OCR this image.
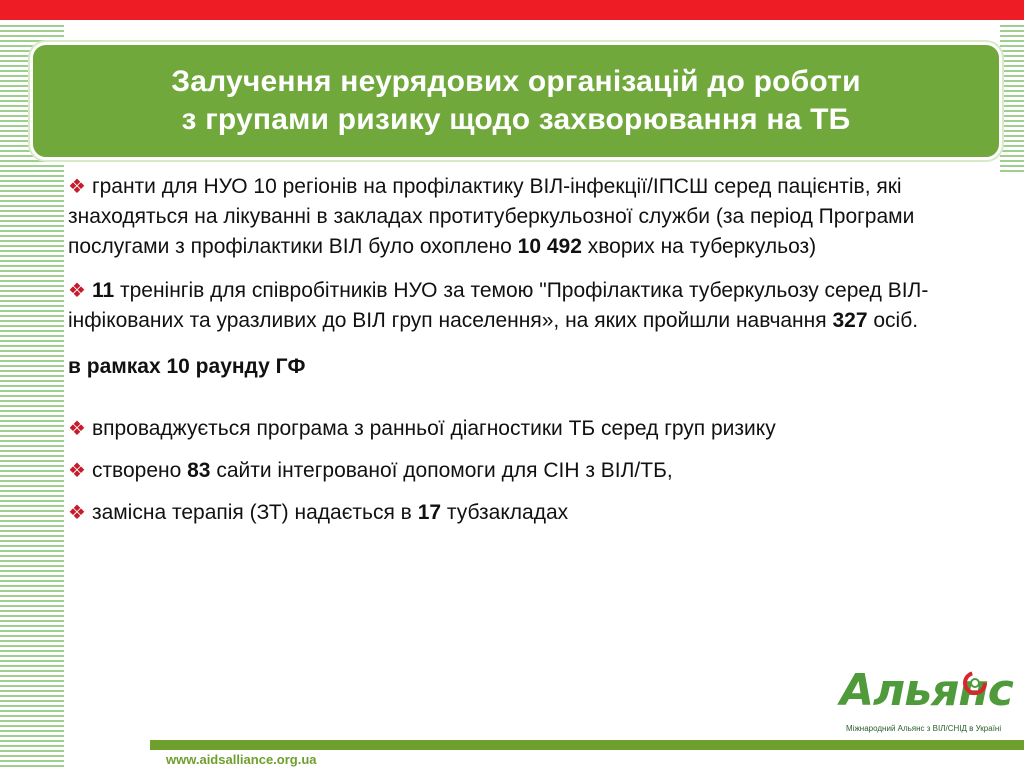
Залучення неурядових організацій до роботи
з групами ризику щодо захворювання на ТБ

❖ гранти для НУО 10 регіонів на профілактику ВІЛ-інфекції/ІПСШ серед пацієнтів, які знаходяться на лікуванні в закладах протитуберкульозної служби (за період Програми послугами з профілактики ВІЛ було охоплено 10 492 хворих на туберкульоз)

❖ 11 тренінгів для співробітників НУО за темою "Профілактика туберкульозу серед ВІЛ-інфікованих та уразливих до ВІЛ груп населення», на яких пройшли навчання 327 осіб.

в рамках 10 раунду ГФ

❖ впроваджується програма з ранньої діагностики ТБ серед груп ризику

❖ створено 83 сайти інтегрованої допомоги для СІН з ВІЛ/ТБ,

❖ замісна терапія (ЗТ) надається в 17 тубзакладах

Альянс
Міжнародний Альянс з ВІЛ/СНІД в Україні
www.aidsalliance.org.ua
